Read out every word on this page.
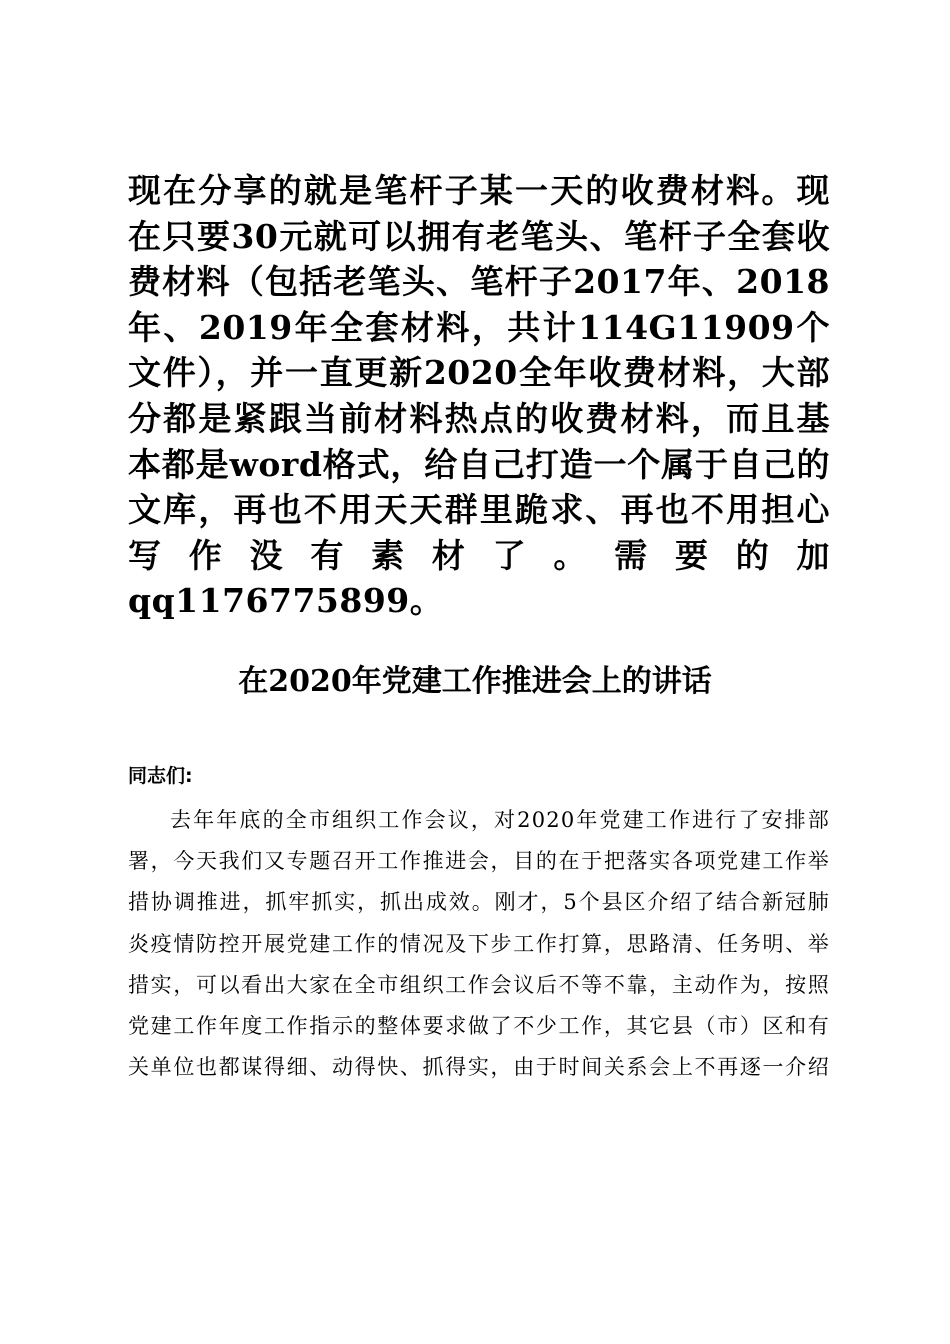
现在分享的就是笔杆子某一天的收费材料。现在只要30元就可以拥有老笔头、笔杆子全套收费材料（包括老笔头、笔杆子2017年、2018年、2019年全套材料，共计114G11909个文件），并一直更新2020全年收费材料，大部分都是紧跟当前材料热点的收费材料，而且基本都是word格式，给自己打造一个属于自己的文库，再也不用天天群里跪求、再也不用担心写作没有素材了。需要的加qq1176775899。

在2020年党建工作推进会上的讲话
同志们:

去年年底的全市组织工作会议，对2020年党建工作进行了安排部署，今天我们又专题召开工作推进会，目的在于把落实各项党建工作举措协调推进，抓牢抓实，抓出成效。刚才，5个县区介绍了结合新冠肺炎疫情防控开展党建工作的情况及下步工作打算，思路清、任务明、举措实，可以看出大家在全市组织工作会议后不等不靠，主动作为，按照党建工作年度工作指示的整体要求做了不少工作，其它县（市）区和有关单位也都谋得细、动得快、抓得实，由于时间关系会上不再逐一介绍
